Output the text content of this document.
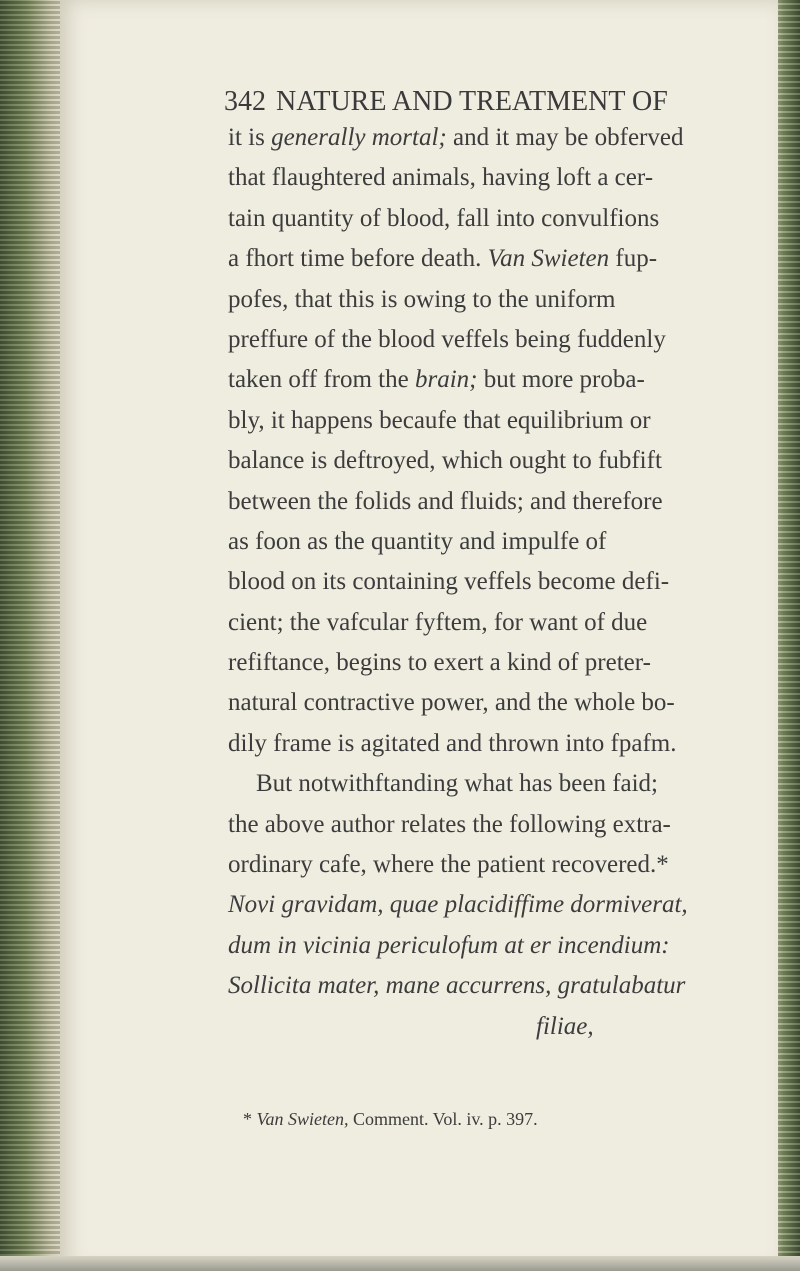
342 NATURE AND TREATMENT OF
it is generally mortal; and it may be obferved
that flaughtered animals, having loft a cer-
tain quantity of blood, fall into convulfions
a fhort time before death. Van Swieten fup-
pofes, that this is owing to the uniform
preffure of the blood veffels being fuddenly
taken off from the brain; but more proba-
bly, it happens becaufe that equilibrium or
balance is deftroyed, which ought to fubfift
between the folids and fluids; and therefore
as foon as the quantity and impulfe of
blood on its containing veffels become defi-
cient; the vafcular fyftem, for want of due
refiftance, begins to exert a kind of preter-
natural contractive power, and the whole bo-
dily frame is agitated and thrown into fpafm.
But notwithftanding what has been faid;
the above author relates the following extra-
ordinary cafe, where the patient recovered.*
Novi gravidam, quae placidiffime dormiverat,
dum in vicinia periculofum at er incendium:
Sollicita mater, mane accurrens, gratulabatur
filiae,
* Van Swieten, Comment. Vol. iv. p. 397.
